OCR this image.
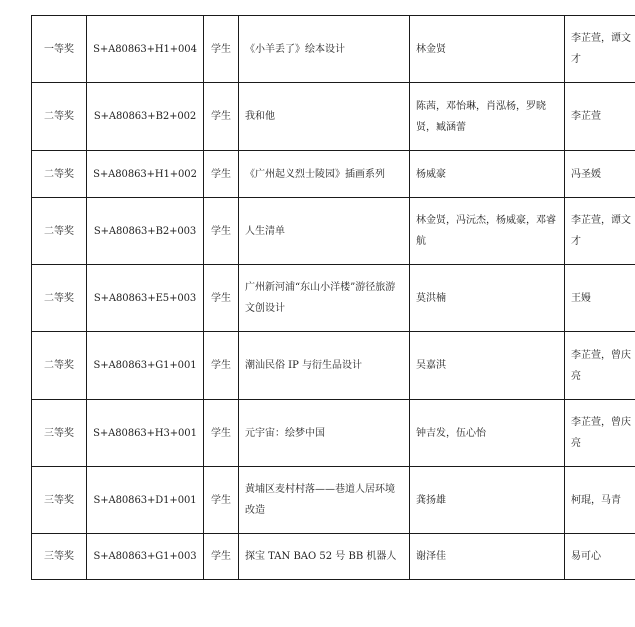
一等奖	S+A80863+H1+004	学生	《小羊丢了》绘本设计	林金贤	李芷萱，谭文才
二等奖	S+A80863+B2+002	学生	我和他	陈茜，邓怡琳，肖泓杨，罗晓贤，臧涵蕾	李芷萱
二等奖	S+A80863+H1+002	学生	《广州起义烈士陵园》插画系列	杨威豪	冯圣媛
二等奖	S+A80863+B2+003	学生	人生清单	林金贤，冯沅杰，杨威豪，邓睿航	李芷萱，谭文才
二等奖	S+A80863+E5+003	学生	广州新河浦“东山小洋楼”游径旅游文创设计	莫洪楠	王嫚
二等奖	S+A80863+G1+001	学生	潮汕民俗 IP 与衍生品设计	吴嘉淇	李芷萱，曾庆亮
三等奖	S+A80863+H3+001	学生	元宇宙：绘梦中国	钟吉发，伍心怡	李芷萱，曾庆亮
三等奖	S+A80863+D1+001	学生	黄埔区麦村村落——巷道人居环境改造	龚扬雄	柯琨，马青
三等奖	S+A80863+G1+003	学生	探宝 TAN BAO 52 号 BB 机器人	谢泽佳	易可心
